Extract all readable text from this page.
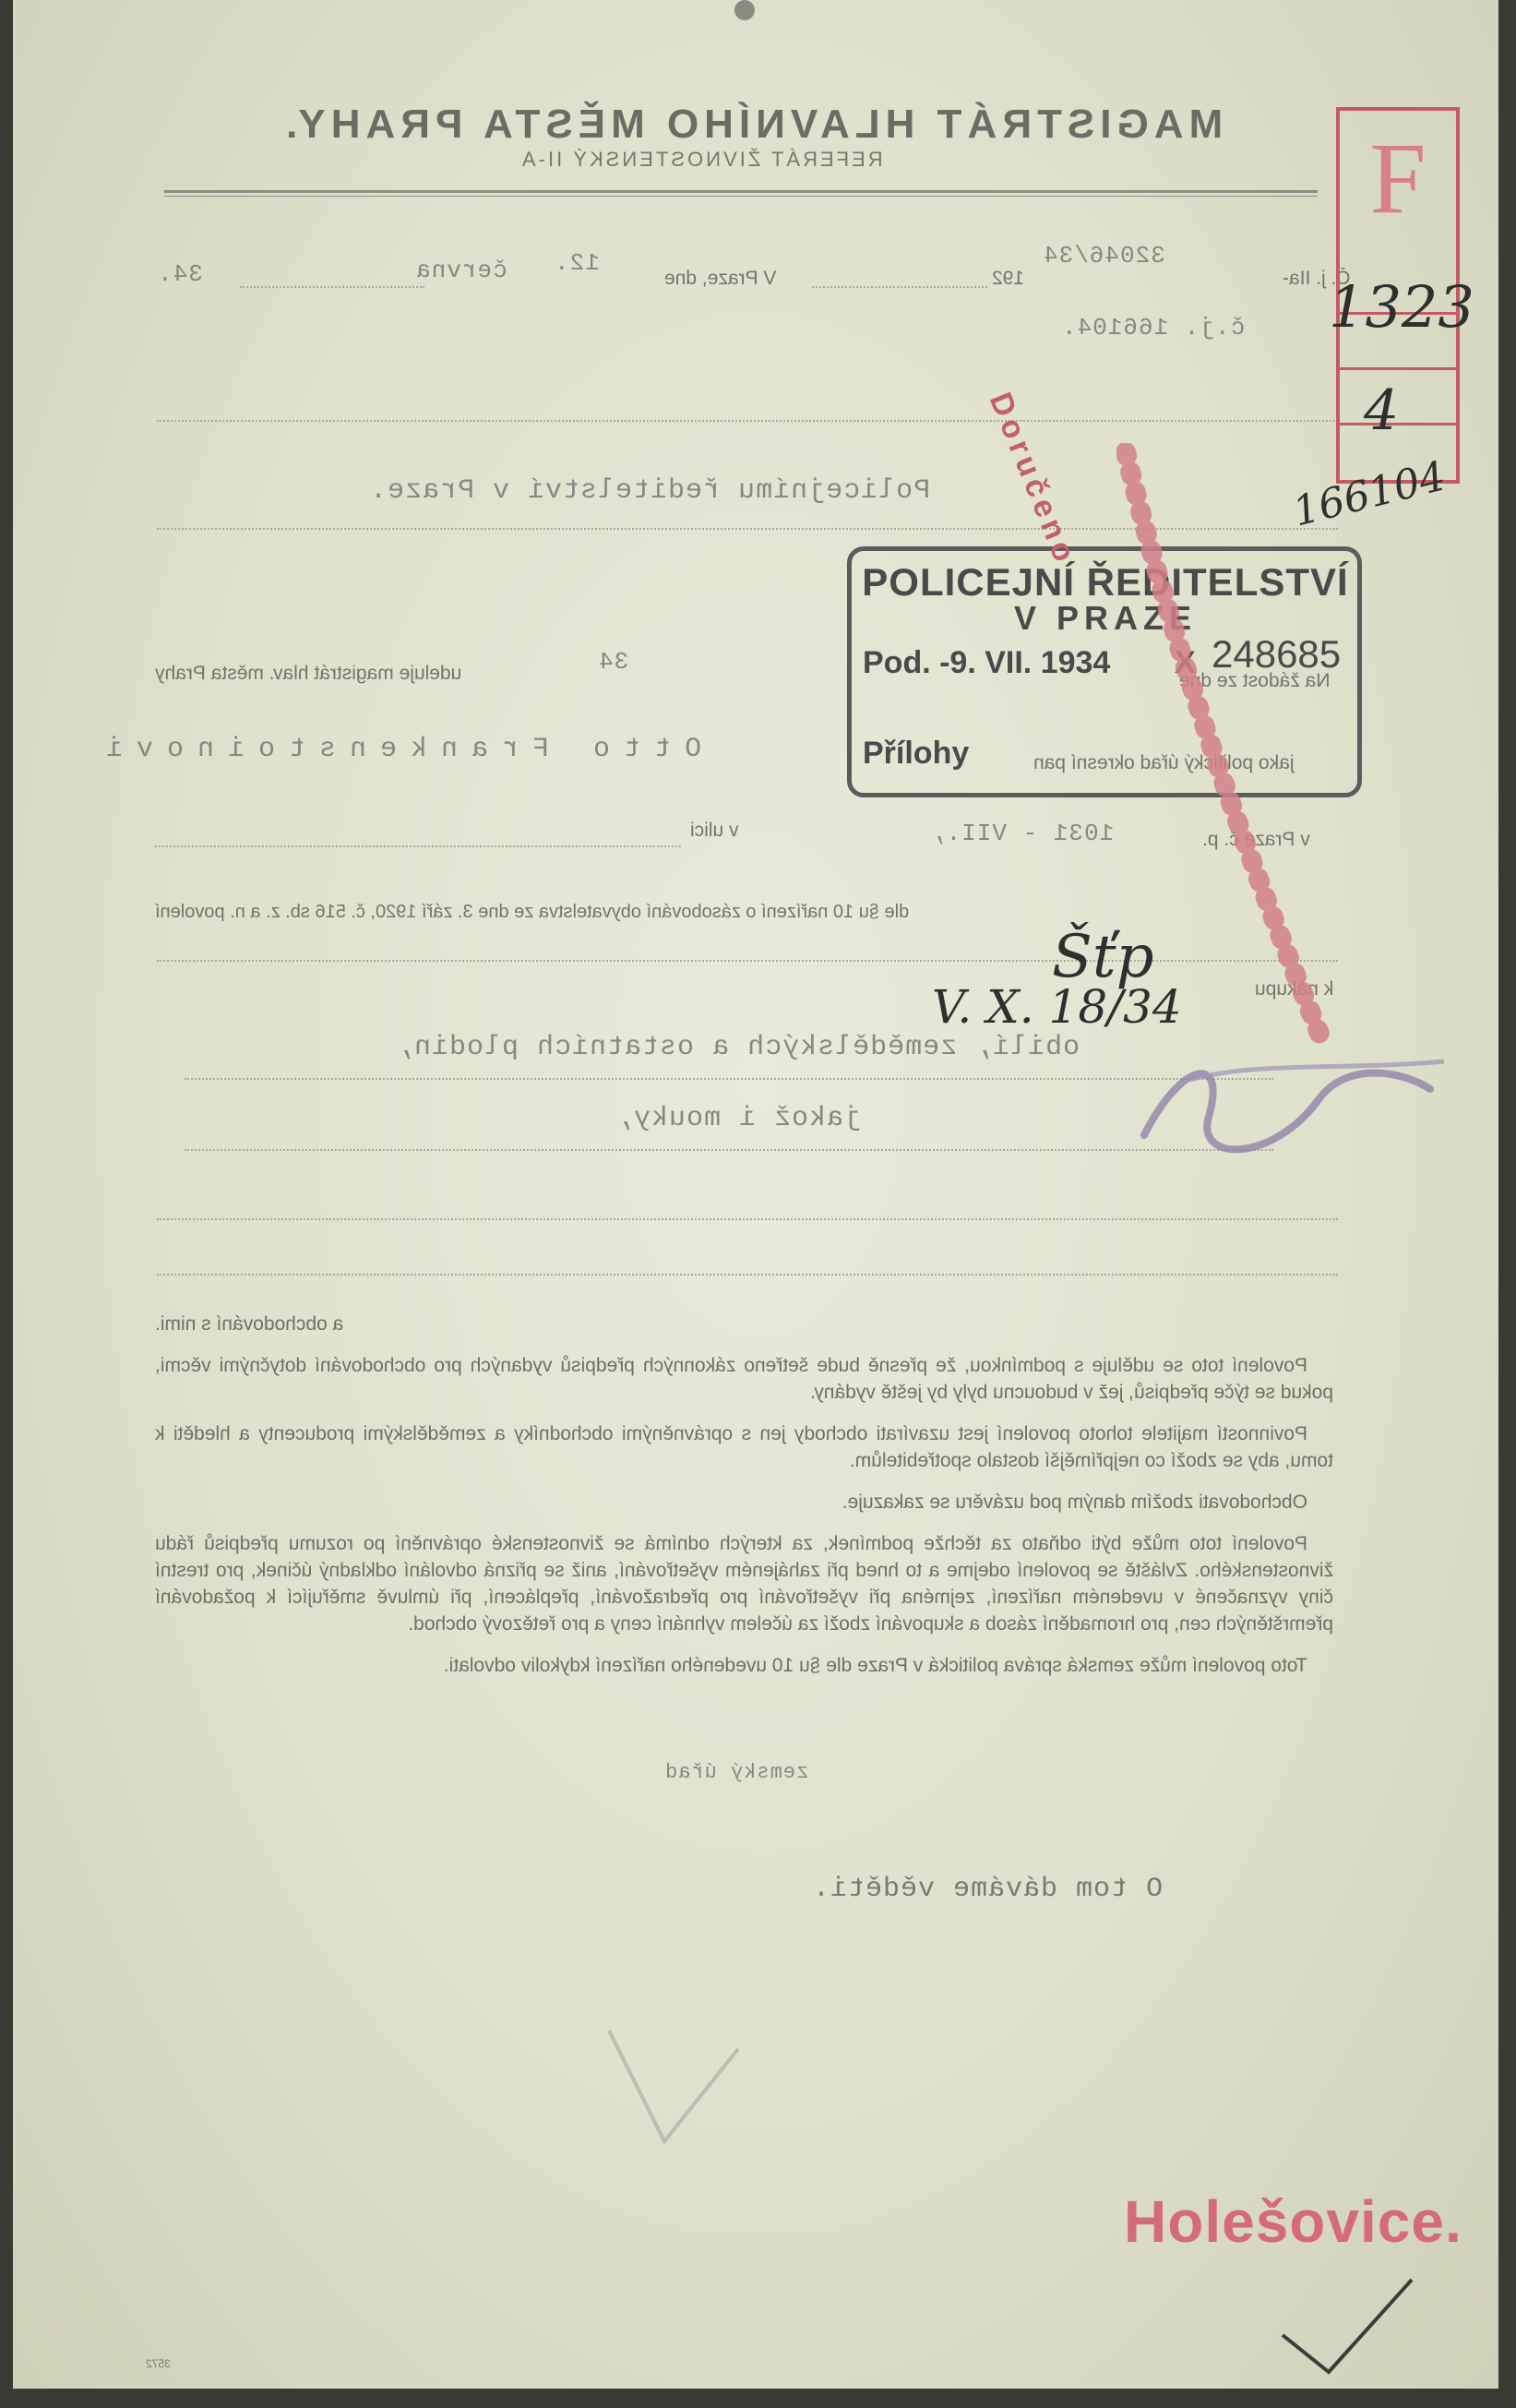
MAGISTRÁT HLAVNÍHO MĚSTA PRAHY.
REFERÁT ŽIVNOSTENSKÝ II-A
Č. j. IIa-
192
32046/34
V Praze, dne
12.
června
34.
č.j. 166104.
Policejnímu ředitelství v Praze.
udeluje magistrát hlav. města Prahy	34
Na žádost ze dne
Otto Frankenstoinovi	jako politický úřad okresní pan
v Praze č. p.
1031 - VII.,
v ulici
dle §u 10 nařízení o zásobování obyvatelstva ze dne 3. září 1920, č. 516 sb. z. a n. povolení
k nákupu
obilí, zemědělských a ostatních plodin,
jakož i mouky,

a obchodování s nimi.

Povolení toto se uděluje s podmínkou, že přesně bude šetřeno zákonných předpisů vydaných pro obchodování dotyčnými věcmi, pokud se týče předpisů, jež v budoucnu byly by ještě vydány.

Povinností majitele tohoto povolení jest uzavírati obchody jen s oprávněnými obchodníky a zemědělskými producenty a hleděti k tomu, aby se zboží co nejpřímější dostalo spotřebitelům.

Obchodovati zbožím daným pod uzávěru se zakazuje.

Povolení toto může býti odňato za těchže podmínek, za kterých odnímá se živnostenské oprávnění po rozumu předpisů řádu živnostenského. Zvláště se povolení odejme a to hned při zahájeném vyšetřování, aniž se přizná odvolání odkladný účinek, pro trestní činy vyznačené v uvedeném nařízení, zejména při vyšetřování pro předražování, přeplácení, při úmluvě směřující k požadování přemrštěných cen, pro hromadění zásob a skupování zboží za účelem vyhnání ceny a pro řetězový obchod.

Toto povolení může zemská správa politická v Praze dle §u 10 uvedeného nařízení kdykoliv odvolati.

zemský úřad
O tom dáváme věděti.
F
1323
4
166104
POLICEJNÍ ŘEDITELSTVÍ
V PRAZE
Pod. -9. VII. 1934 X 248685
Přílohy
Doručeno
Šťp
V. X. 18/34
Holešovice.
3572
